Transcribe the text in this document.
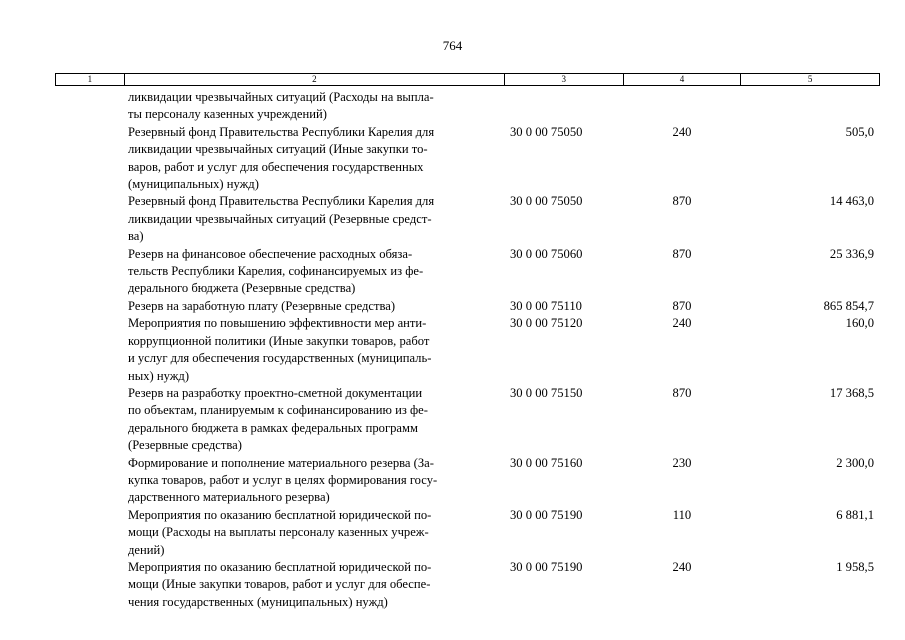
764
1	2	3	4	5
ликвидации чрезвычайных ситуаций (Расходы на выпла-
ты персоналу казенных учреждений)
Резервный фонд Правительства Республики Карелия для
ликвидации чрезвычайных ситуаций (Иные закупки то-
варов, работ и услуг для обеспечения государственных
(муниципальных) нужд)
30 0 00 75050	240	505,0
Резервный фонд Правительства Республики Карелия для
ликвидации чрезвычайных ситуаций (Резервные средст-
ва)
30 0 00 75050	870	14 463,0
Резерв на финансовое обеспечение расходных обяза-
тельств Республики Карелия, софинансируемых из фе-
дерального бюджета (Резервные средства)
30 0 00 75060	870	25 336,9
Резерв на заработную плату (Резервные средства)	30 0 00 75110	870	865 854,7
Мероприятия по повышению эффективности мер анти-
коррупционной политики (Иные закупки товаров, работ
и услуг для обеспечения государственных (муниципаль-
ных) нужд)
30 0 00 75120	240	160,0
Резерв на разработку проектно-сметной документации
по объектам, планируемым к софинансированию из фе-
дерального бюджета в рамках федеральных программ
(Резервные средства)
30 0 00 75150	870	17 368,5
Формирование и пополнение материального резерва (За-
купка товаров, работ и услуг в целях формирования госу-
дарственного материального резерва)
30 0 00 75160	230	2 300,0
Мероприятия по оказанию бесплатной юридической по-
мощи (Расходы на выплаты персоналу казенных учреж-
дений)
30 0 00 75190	110	6 881,1
Мероприятия по оказанию бесплатной юридической по-
мощи (Иные закупки товаров, работ и услуг для обеспе-
чения государственных (муниципальных) нужд)
30 0 00 75190	240	1 958,5
